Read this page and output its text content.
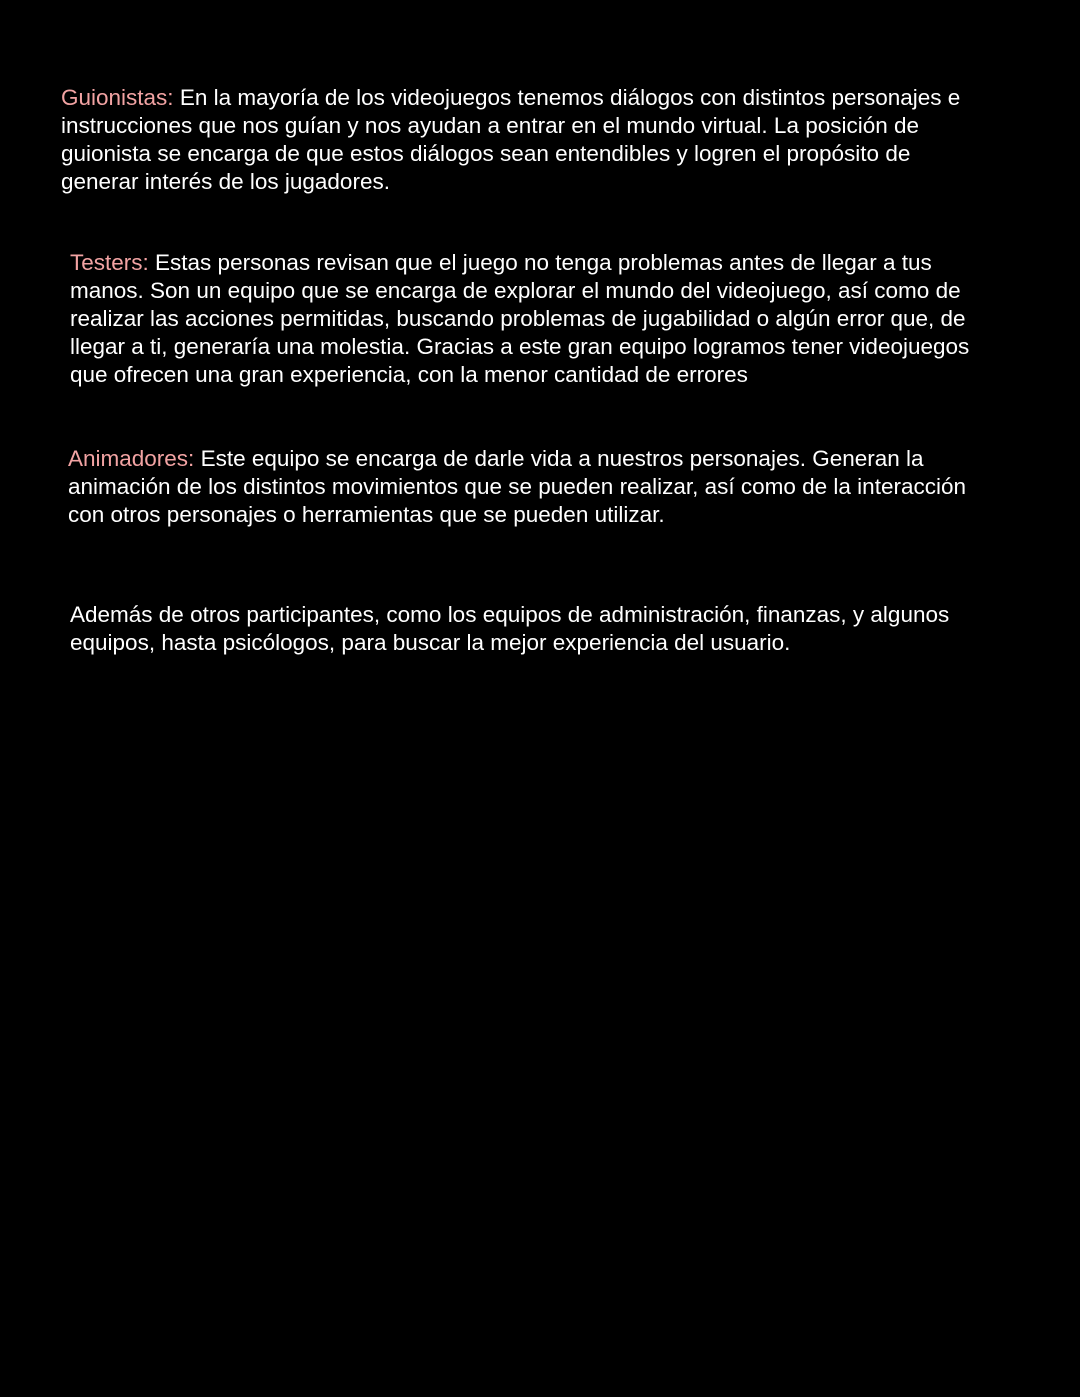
Guionistas: En la mayoría de los videojuegos tenemos diálogos con distintos personajes e
instrucciones que nos guían y nos ayudan a entrar en el mundo virtual. La posición de
guionista se encarga de que estos diálogos sean entendibles y logren el propósito de
generar interés de los jugadores.

Testers: Estas personas revisan que el juego no tenga problemas antes de llegar a tus
manos. Son un equipo que se encarga de explorar el mundo del videojuego, así como de
realizar las acciones permitidas, buscando problemas de jugabilidad o algún error que, de
llegar a ti, generaría una molestia. Gracias a este gran equipo logramos tener videojuegos
que ofrecen una gran experiencia, con la menor cantidad de errores

Animadores: Este equipo se encarga de darle vida a nuestros personajes. Generan la
animación de los distintos movimientos que se pueden realizar, así como de la interacción
con otros personajes o herramientas que se pueden utilizar.

Además de otros participantes, como los equipos de administración, finanzas, y algunos
equipos, hasta psicólogos, para buscar la mejor experiencia del usuario.
